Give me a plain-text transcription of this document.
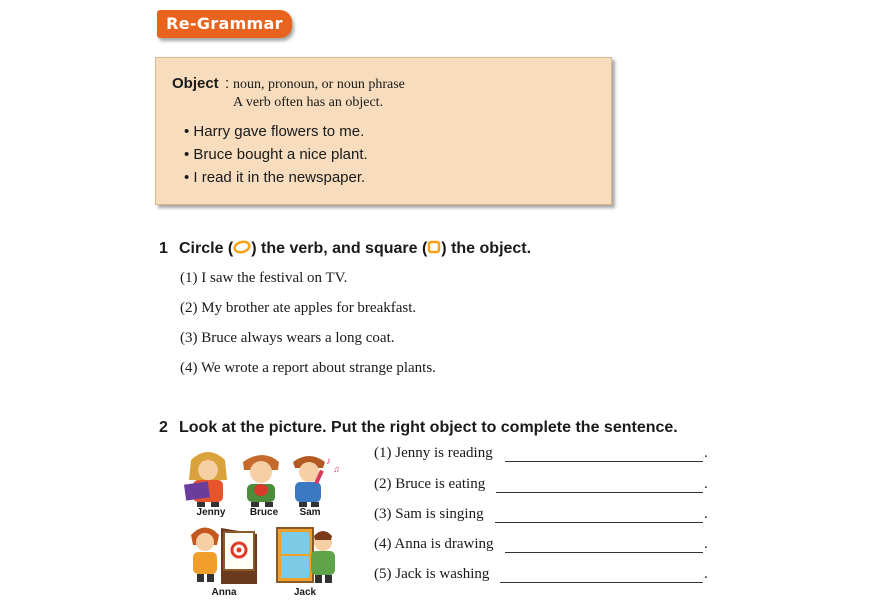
Re-Grammar
Object : noun, pronoun, or noun phrase
A verb often has an object.
• Harry gave flowers to me.
• Bruce bought a nice plant.
• I read it in the newspaper.
1 Circle (○) the verb, and square ( ) the object.
(1) I saw the festival on TV.
(2) My brother ate apples for breakfast.
(3) Bruce always wears a long coat.
(4) We wrote a report about strange plants.
2 Look at the picture. Put the right object to complete the sentence.
♪
♫
Jenny	Bruce	Sam
Anna	Jack
(1) Jenny is reading	.
(2) Bruce is eating	.
(3) Sam is singing	.
(4) Anna is drawing	.
(5) Jack is washing	.
